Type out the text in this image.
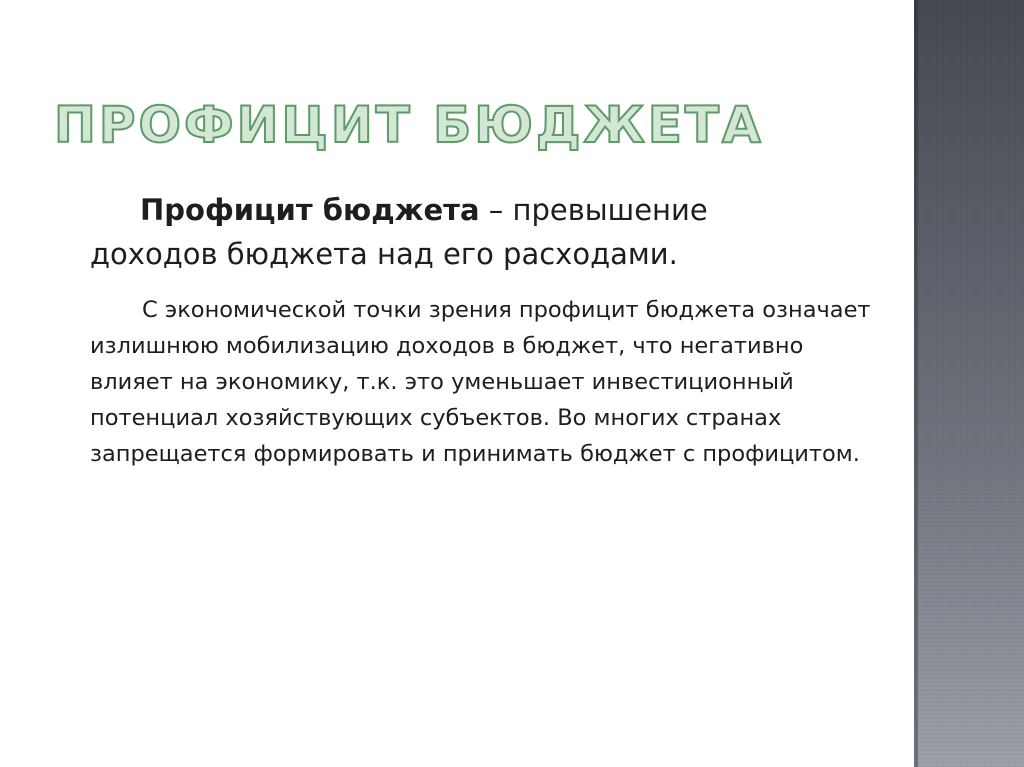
ПРОФИЦИТ БЮДЖЕТА

Профицит бюджета – превышение доходов бюджета над его расходами.

С экономической точки зрения профицит бюджета означает излишнюю мобилизацию доходов в бюджет, что негативно влияет на экономику, т.к. это уменьшает инвестиционный потенциал хозяйствующих субъектов. Во многих странах запрещается формировать и принимать бюджет с профицитом.
